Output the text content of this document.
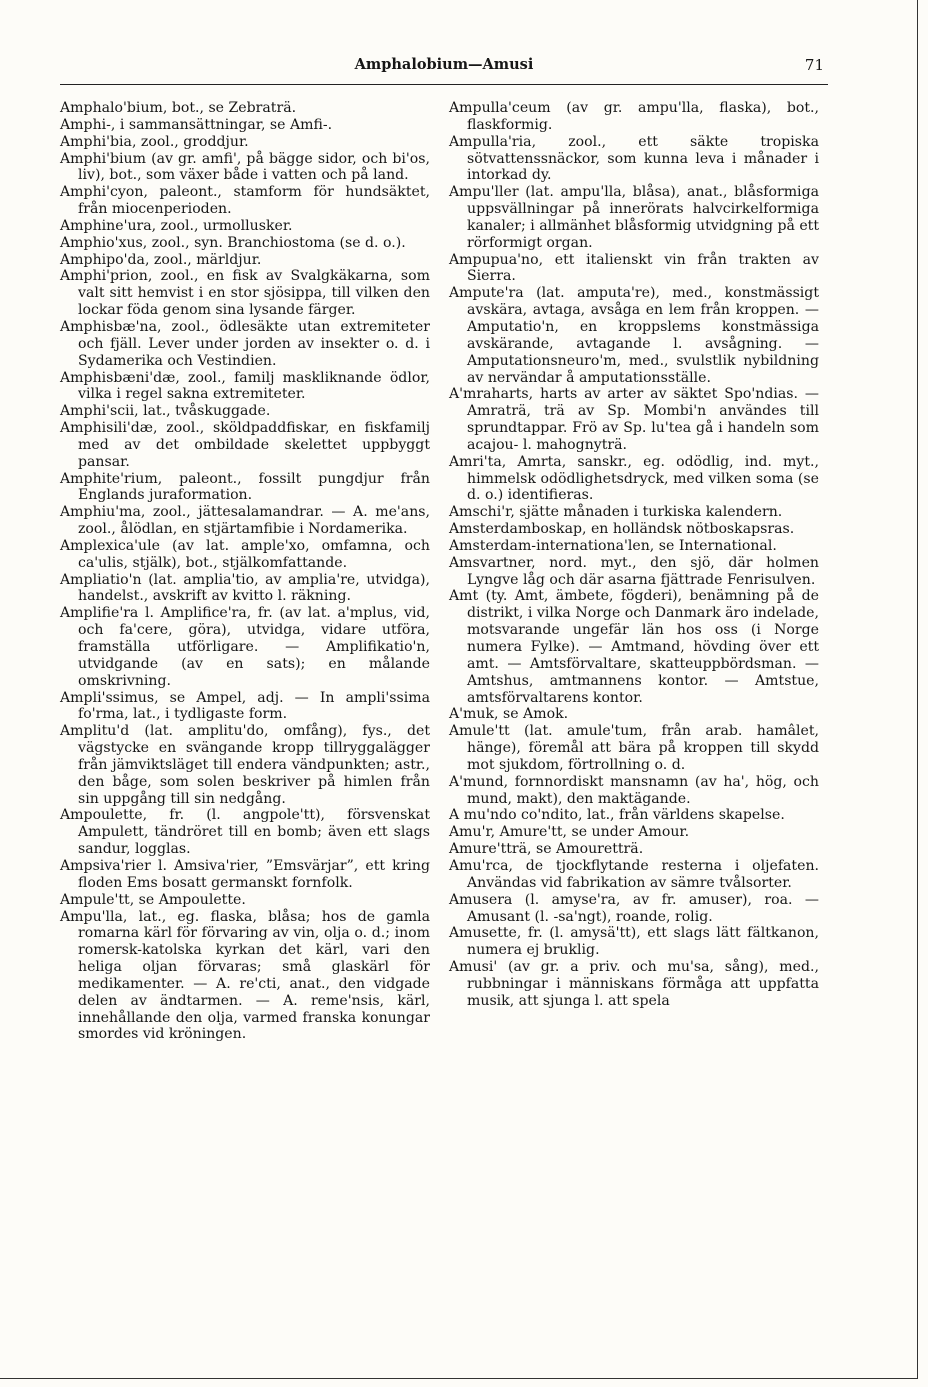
Amphalobium—Amusi	71

Amphalo'bium, bot., se Zebraträ.

Amphi-, i sammansättningar, se Amfi-.

Amphi'bia, zool., groddjur.

Amphi'bium (av gr. amfi', på bägge sidor, och bi'os, liv), bot., som växer både i vatten och på land.

Amphi'cyon, paleont., stamform för hundsäktet, från miocenperioden.

Amphine'ura, zool., urmollusker.

Amphio'xus, zool., syn. Branchiostoma (se d. o.).

Amphipo'da, zool., märldjur.

Amphi'prion, zool., en fisk av Svalgkäkarna, som valt sitt hemvist i en stor sjösippa, till vilken den lockar föda genom sina lysande färger.

Amphisbæ'na, zool., ödlesäkte utan extremiteter och fjäll. Lever under jorden av insekter o. d. i Sydamerika och Vestindien.

Amphisbæni'dæ, zool., familj maskliknande ödlor, vilka i regel sakna extremiteter.

Amphi'scii, lat., tvåskuggade.

Amphisili'dæ, zool., sköldpaddfiskar, en fiskfamilj med av det ombildade skelettet uppbyggt pansar.

Amphite'rium, paleont., fossilt pungdjur från Englands juraformation.

Amphiu'ma, zool., jättesalamandrar. — A. me'ans, zool., ålödlan, en stjärtamfibie i Nordamerika.

Amplexica'ule (av lat. ample'xo, omfamna, och ca'ulis, stjälk), bot., stjälkomfattande.

Ampliatio'n (lat. amplia'tio, av amplia're, utvidga), handelst., avskrift av kvitto l. räkning.

Amplifie'ra l. Amplifice'ra, fr. (av lat. a'mplus, vid, och fa'cere, göra), utvidga, vidare utföra, framställa utförligare. — Amplifikatio'n, utvidgande (av en sats); en målande omskrivning.

Ampli'ssimus, se Ampel, adj. — In ampli'ssima fo'rma, lat., i tydligaste form.

Amplitu'd (lat. amplitu'do, omfång), fys., det vägstycke en svängande kropp tillryggalägger från jämviktsläget till endera vändpunkten; astr., den båge, som solen beskriver på himlen från sin uppgång till sin nedgång.

Ampoulette, fr. (l. angpole'tt), försvenskat Ampulett, tändröret till en bomb; även ett slags sandur, logglas.

Ampsiva'rier l. Amsiva'rier, ”Emsvärjar”, ett kring floden Ems bosatt germanskt fornfolk.

Ampule'tt, se Ampoulette.

Ampu'lla, lat., eg. flaska, blåsa; hos de gamla romarna kärl för förvaring av vin, olja o. d.; inom romersk-katolska kyrkan det kärl, vari den heliga oljan förvaras; små glaskärl för medikamenter. — A. re'cti, anat., den vidgade delen av ändtarmen. — A. reme'nsis, kärl, innehållande den olja, varmed franska konungar smordes vid kröningen.

Ampulla'ceum (av gr. ampu'lla, flaska), bot., flaskformig.

Ampulla'ria, zool., ett säkte tropiska sötvattenssnäckor, som kunna leva i månader i intorkad dy.

Ampu'ller (lat. ampu'lla, blåsa), anat., blåsformiga uppsvällningar på innerörats halvcirkelformiga kanaler; i allmänhet blåsformig utvidgning på ett rörformigt organ.

Ampupua'no, ett italienskt vin från trakten av Sierra.

Ampute'ra (lat. amputa're), med., konstmässigt avskära, avtaga, avsåga en lem från kroppen. — Amputatio'n, en kroppslems konstmässiga avskärande, avtagande l. avsågning. — Amputationsneuro'm, med., svulstlik nybildning av nervändar å amputationsställe.

A'mraharts, harts av arter av säktet Spo'ndias. — Amraträ, trä av Sp. Mombi'n användes till sprundtappar. Frö av Sp. lu'tea gå i handeln som acajou- l. mahognyträ.

Amri'ta, Amrta, sanskr., eg. odödlig, ind. myt., himmelsk odödlighetsdryck, med vilken soma (se d. o.) identifieras.

Amschi'r, sjätte månaden i turkiska kalendern.

Amsterdamboskap, en holländsk nötboskapsras.

Amsterdam-internationa'len, se International.

Amsvartner, nord. myt., den sjö, där holmen Lyngve låg och där asarna fjättrade Fenrisulven.

Amt (ty. Amt, ämbete, fögderi), benämning på de distrikt, i vilka Norge och Danmark äro indelade, motsvarande ungefär län hos oss (i Norge numera Fylke). — Amtmand, hövding över ett amt. — Amtsförvaltare, skatteuppbördsman. — Amtshus, amtmannens kontor. — Amtstue, amtsförvaltarens kontor.

A'muk, se Amok.

Amule'tt (lat. amule'tum, från arab. hamâlet, hänge), föremål att bära på kroppen till skydd mot sjukdom, förtrollning o. d.

A'mund, fornnordiskt mansnamn (av ha', hög, och mund, makt), den maktägande.

A mu'ndo co'ndito, lat., från världens skapelse.

Amu'r, Amure'tt, se under Amour.

Amure'tträ, se Amouretträ.

Amu'rca, de tjockflytande resterna i oljefaten. Användas vid fabrikation av sämre tvålsorter.

Amusera (l. amyse'ra, av fr. amuser), roa. — Amusant (l. -sa'ngt), roande, rolig.

Amusette, fr. (l. amysä'tt), ett slags lätt fältkanon, numera ej bruklig.

Amusi' (av gr. a priv. och mu'sa, sång), med., rubbningar i människans förmåga att uppfatta musik, att sjunga l. att spela
